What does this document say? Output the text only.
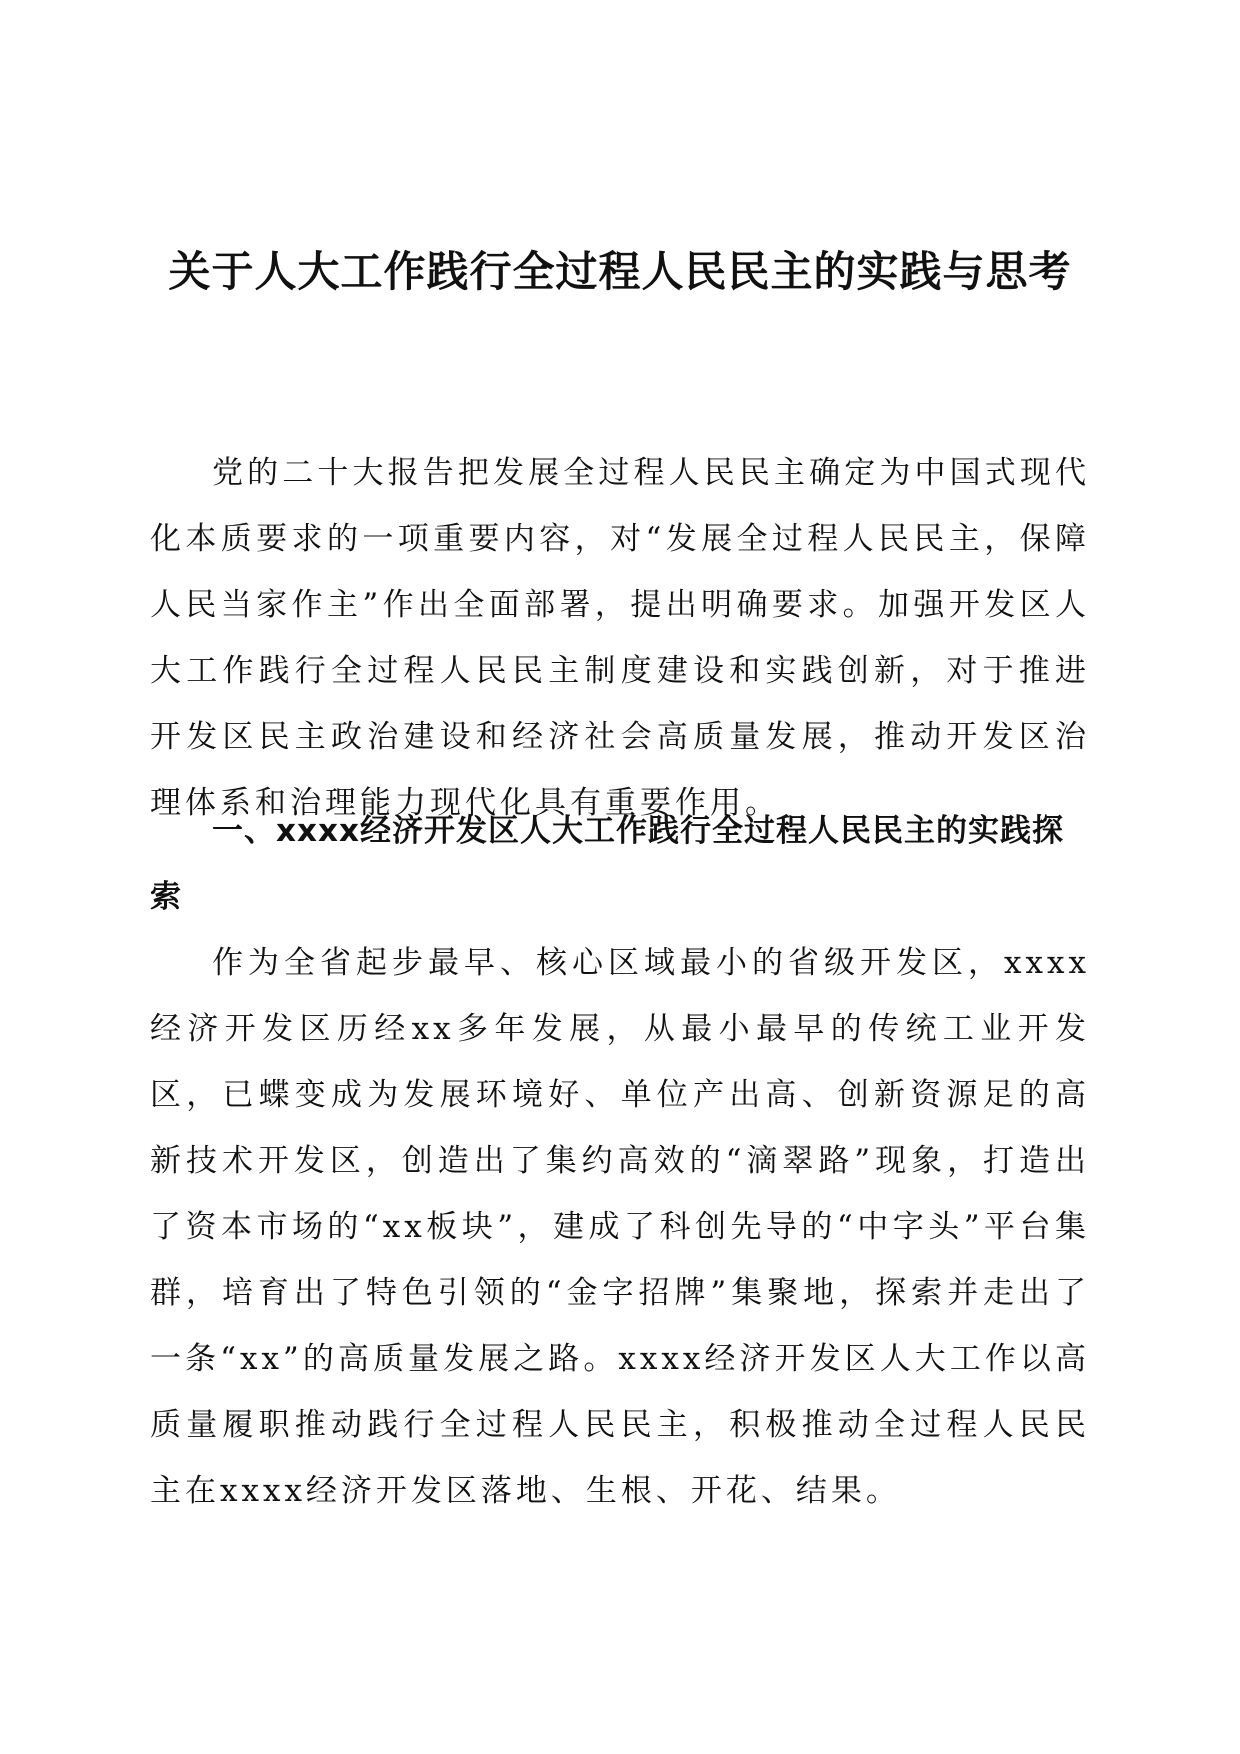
关于人大工作践行全过程人民民主的实践与思考

党的二十大报告把发展全过程人民民主确定为中国式现代化本质要求的一项重要内容，对“发展全过程人民民主，保障人民当家作主”作出全面部署，提出明确要求。加强开发区人大工作践行全过程人民民主制度建设和实践创新，对于推进开发区民主政治建设和经济社会高质量发展，推动开发区治理体系和治理能力现代化具有重要作用。

一、xxxx经济开发区人大工作践行全过程人民民主的实践探索

作为全省起步最早、核心区域最小的省级开发区，xxxx经济开发区历经xx多年发展，从最小最早的传统工业开发区，已蝶变成为发展环境好、单位产出高、创新资源足的高新技术开发区，创造出了集约高效的“滴翠路”现象，打造出了资本市场的“xx板块”，建成了科创先导的“中字头”平台集群，培育出了特色引领的“金字招牌”集聚地，探索并走出了一条“xx”的高质量发展之路。xxxx经济开发区人大工作以高质量履职推动践行全过程人民民主，积极推动全过程人民民主在xxxx经济开发区落地、生根、开花、结果。
